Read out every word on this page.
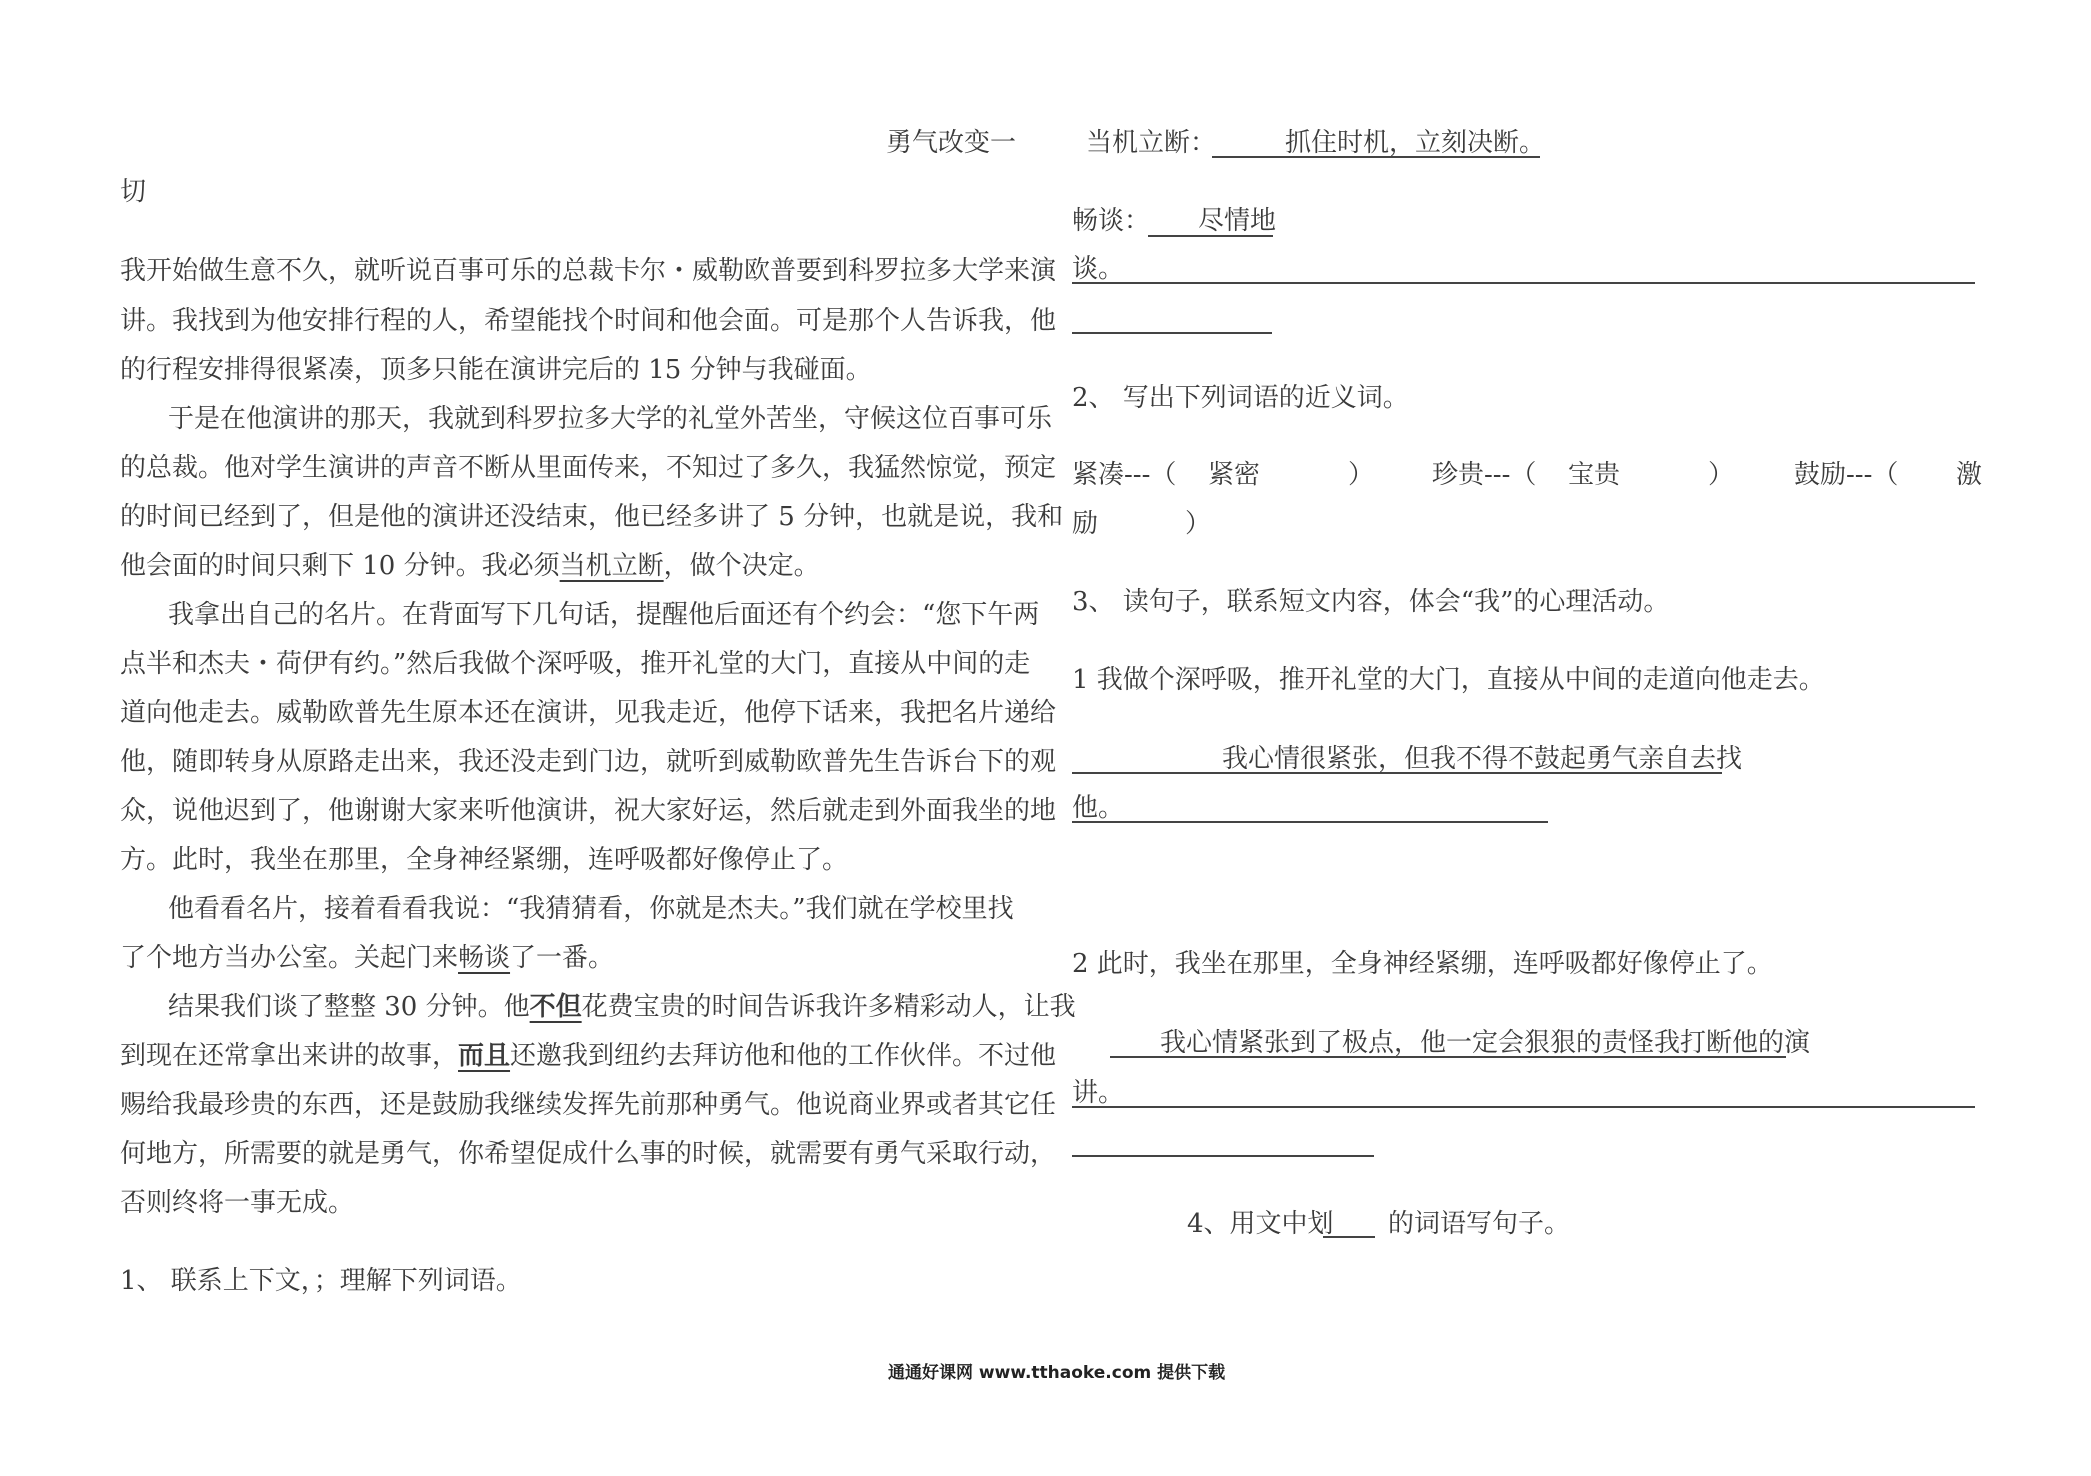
勇气改变一
切
我开始做生意不久，就听说百事可乐的总裁卡尔・威勒欧普要到科罗拉多大学来演
讲。我找到为他安排行程的人，希望能找个时间和他会面。可是那个人告诉我，他
的行程安排得很紧凑，顶多只能在演讲完后的 15 分钟与我碰面。
于是在他演讲的那天，我就到科罗拉多大学的礼堂外苦坐，守候这位百事可乐
的总裁。他对学生演讲的声音不断从里面传来，不知过了多久，我猛然惊觉，预定
的时间已经到了，但是他的演讲还没结束，他已经多讲了 5 分钟，也就是说，我和
他会面的时间只剩下 10 分钟。我必须当机立断，做个决定。
我拿出自己的名片。在背面写下几句话，提醒他后面还有个约会：“您下午两
点半和杰夫・荷伊有约。”然后我做个深呼吸，推开礼堂的大门，直接从中间的走
道向他走去。威勒欧普先生原本还在演讲，见我走近，他停下话来，我把名片递给
他，随即转身从原路走出来，我还没走到门边，就听到威勒欧普先生告诉台下的观
众，说他迟到了，他谢谢大家来听他演讲，祝大家好运，然后就走到外面我坐的地
方。此时，我坐在那里，全身神经紧绷，连呼吸都好像停止了。
他看看名片，接着看看我说：“我猜猜看，你就是杰夫。”我们就在学校里找
了个地方当办公室。关起门来畅谈了一番。
结果我们谈了整整 30 分钟。他不但花费宝贵的时间告诉我许多精彩动人，让我
到现在还常拿出来讲的故事，而且还邀我到纽约去拜访他和他的工作伙伴。不过他
赐给我最珍贵的东西，还是鼓励我继续发挥先前那种勇气。他说商业界或者其它任
何地方，所需要的就是勇气，你希望促成什么事的时候，就需要有勇气采取行动，
否则终将一事无成。
1、 联系上下文，；理解下列词语。
当机立断：	抓住时机，立刻决断。
畅谈： 尽情地
谈。
2、 写出下列词语的近义词。
紧凑---（ 紧密	） 珍贵---（ 宝贵	） 鼓励---（ 激
励	）
3、 读句子，联系短文内容，体会“我”的心理活动。
1 我做个深呼吸，推开礼堂的大门，直接从中间的走道向他走去。
我心情很紧张，但我不得不鼓起勇气亲自去找
他。
2 此时，我坐在那里，全身神经紧绷，连呼吸都好像停止了。
我心情紧张到了极点，他一定会狠狠的责怪我打断他的演
讲。
4、用文中划 的词语写句子。
通通好课网 www.tthaoke.com 提供下载
